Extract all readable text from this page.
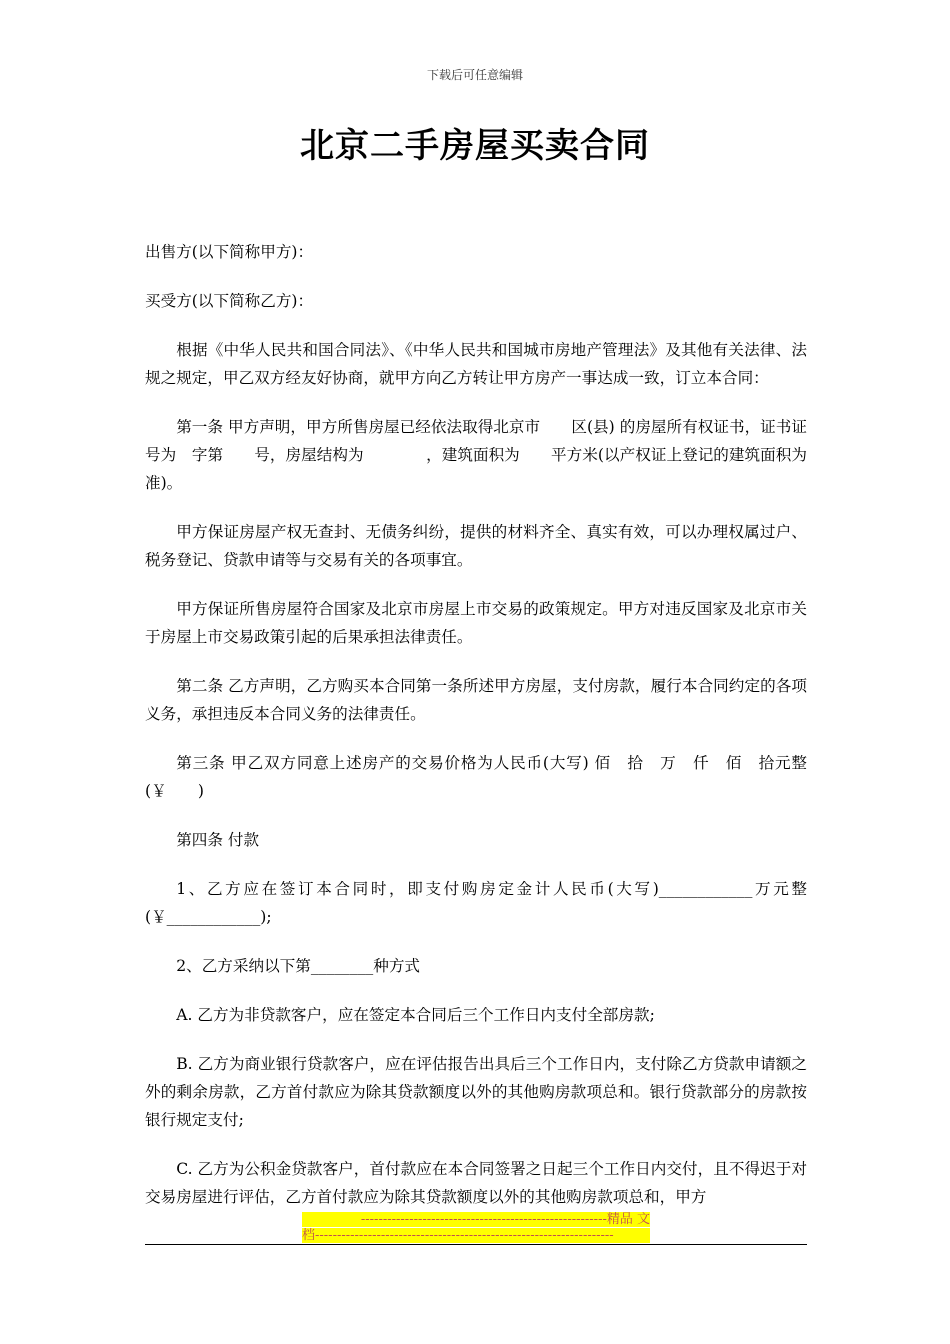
下载后可任意编辑
北京二手房屋买卖合同

出售方(以下简称甲方)：

买受方(以下简称乙方)：

根据《中华人民共和国合同法》、《中华人民共和国城市房地产管理法》及其他有关法律、法规之规定，甲乙双方经友好协商，就甲方向乙方转让甲方房产一事达成一致，订立本合同：

第一条 甲方声明，甲方所售房屋已经依法取得北京市　　区(县) 的房屋所有权证书，证书证号为　字第　　号，房屋结构为　　　　，建筑面积为　　平方米(以产权证上登记的建筑面积为准)。

甲方保证房屋产权无查封、无债务纠纷，提供的材料齐全、真实有效，可以办理权属过户、税务登记、贷款申请等与交易有关的各项事宜。

甲方保证所售房屋符合国家及北京市房屋上市交易的政策规定。甲方对违反国家及北京市关于房屋上市交易政策引起的后果承担法律责任。

第二条 乙方声明，乙方购买本合同第一条所述甲方房屋，支付房款，履行本合同约定的各项义务，承担违反本合同义务的法律责任。

第三条 甲乙双方同意上述房产的交易价格为人民币(大写) 佰　拾　万　仟　佰　拾元整(￥　　)

第四条 付款

1、乙方应在签订本合同时，即支付购房定金计人民币(大写)____________万元整(￥____________);

2、乙方采纳以下第________种方式

A. 乙方为非贷款客户，应在签定本合同后三个工作日内支付全部房款;

B. 乙方为商业银行贷款客户，应在评估报告出具后三个工作日内，支付除乙方贷款申请额之外的剩余房款，乙方首付款应为除其贷款额度以外的其他购房款项总和。银行贷款部分的房款按银行规定支付;

C. 乙方为公积金贷款客户，首付款应在本合同签署之日起三个工作日内交付，且不得迟于对交易房屋进行评估，乙方首付款应为除其贷款额度以外的其他购房款项总和，甲方

--------------------------------------------------------精品 文
档--------------------------------------------------------------------
